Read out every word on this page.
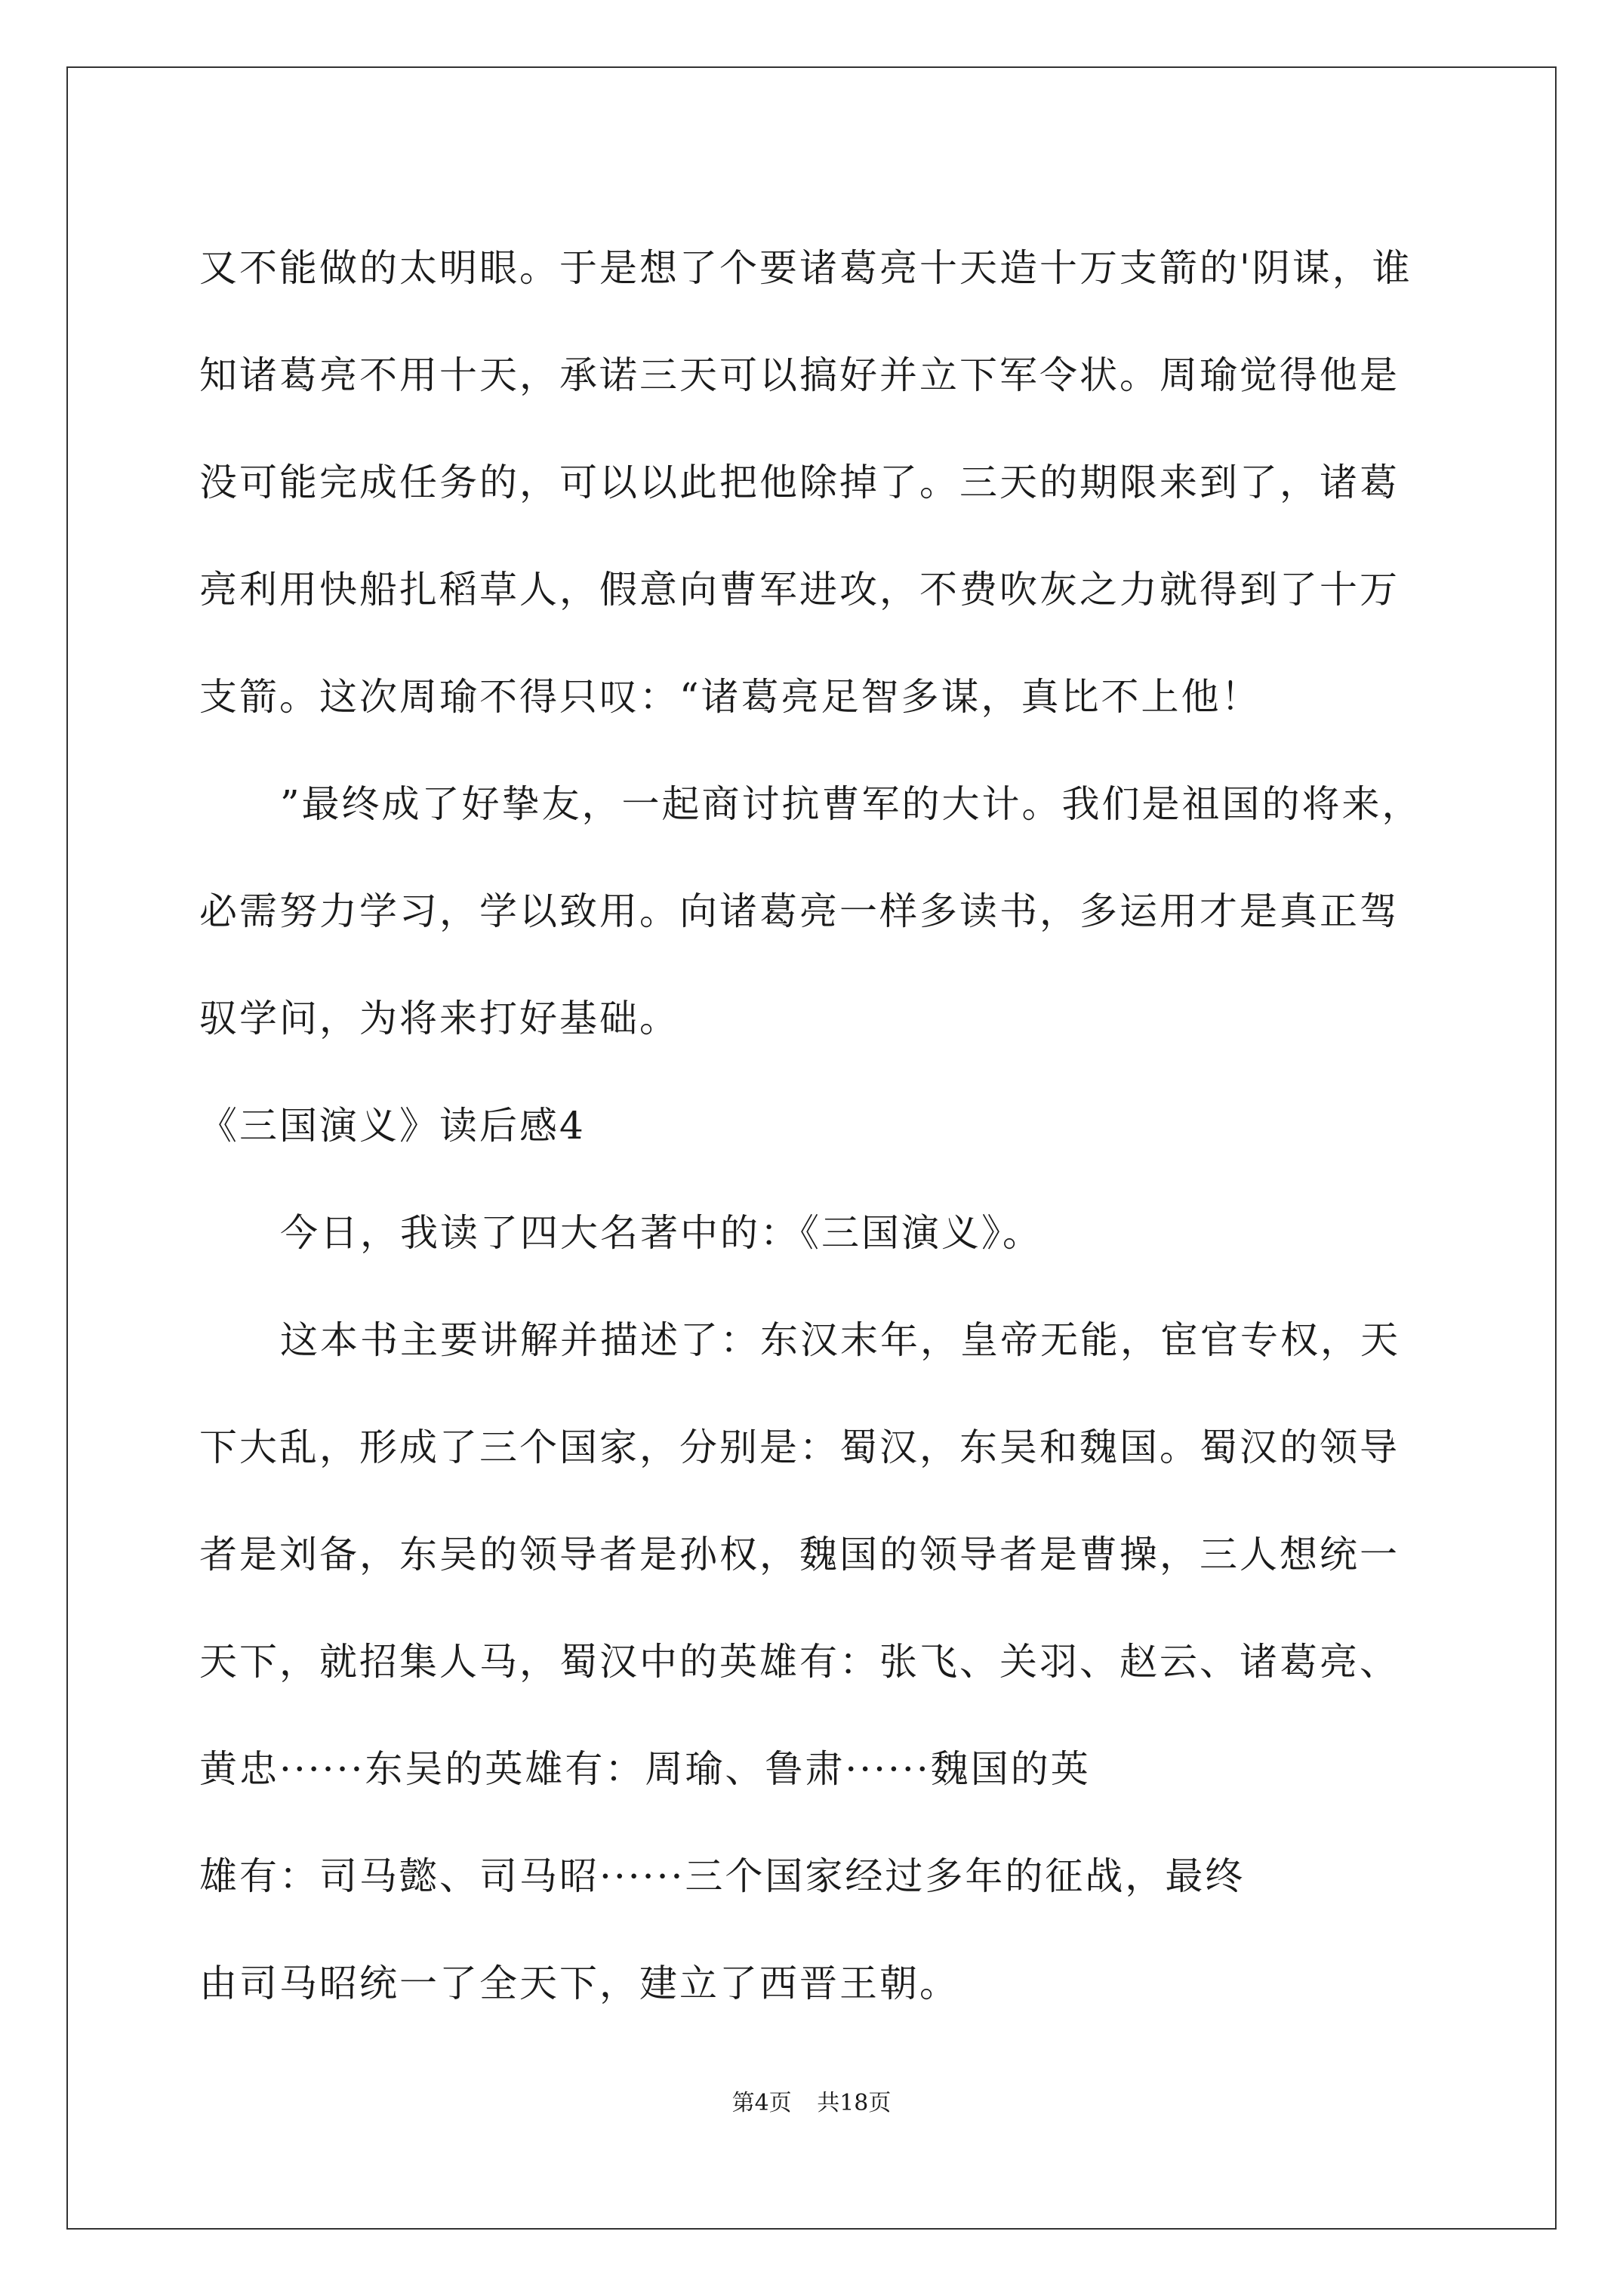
又不能做的太明眼。于是想了个要诸葛亮十天造十万支箭的'阴谋，谁
知诸葛亮不用十天，承诺三天可以搞好并立下军令状。周瑜觉得他是
没可能完成任务的，可以以此把他除掉了。三天的期限来到了，诸葛
亮利用快船扎稻草人，假意向曹军进攻，不费吹灰之力就得到了十万
支箭。这次周瑜不得只叹：“诸葛亮足智多谋，真比不上他！
”最终成了好挚友，一起商讨抗曹军的大计。我们是祖国的将来，
必需努力学习，学以致用。向诸葛亮一样多读书，多运用才是真正驾
驭学问，为将来打好基础。
《三国演义》读后感4
今日，我读了四大名著中的：《三国演义》。
这本书主要讲解并描述了：东汉末年，皇帝无能，宦官专权，天
下大乱，形成了三个国家，分别是：蜀汉，东吴和魏国。蜀汉的领导
者是刘备，东吴的领导者是孙权，魏国的领导者是曹操，三人想统一
天下，就招集人马，蜀汉中的英雄有：张飞、关羽、赵云、诸葛亮、
黄忠······东吴的英雄有：周瑜、鲁肃······魏国的英
雄有：司马懿、司马昭······三个国家经过多年的征战，最终
由司马昭统一了全天下，建立了西晋王朝。
第4页 共18页
